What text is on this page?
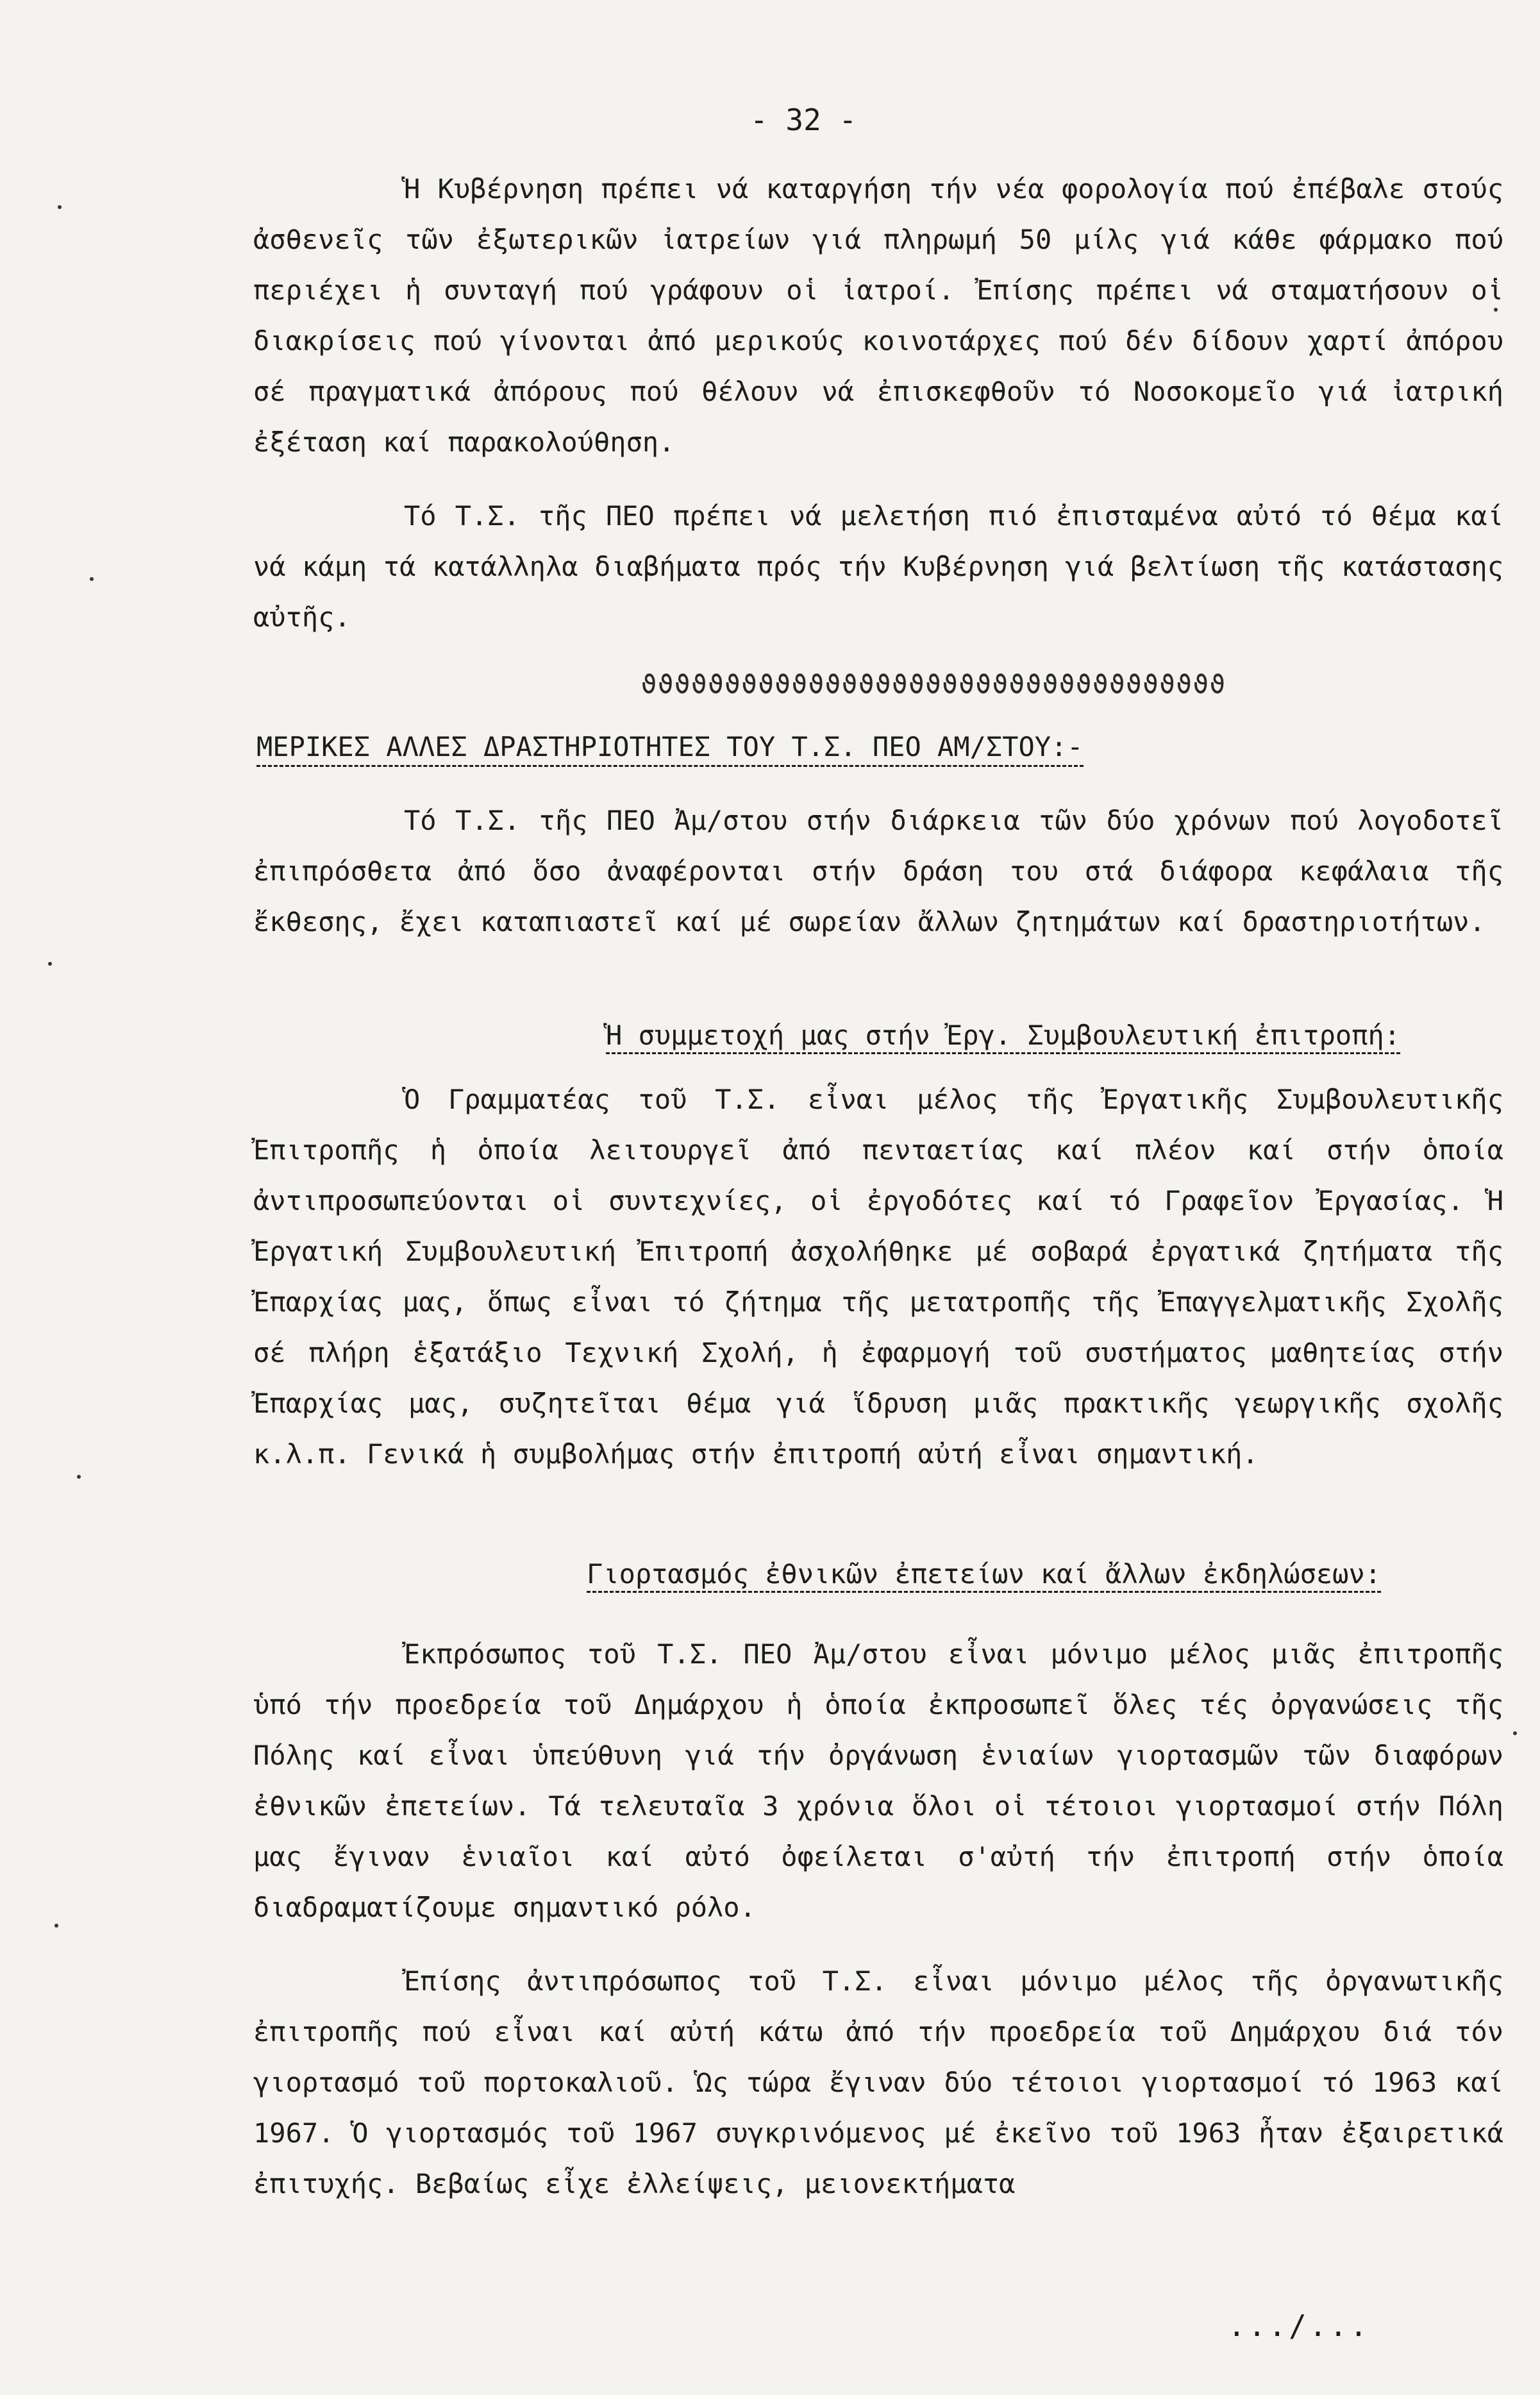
- 32 -
Ἡ Κυβέρνηση πρέπει νά καταργήση τήν νέα φορολογία πού ἐπέβαλε στούς ἀσθενεῖς τῶν ἐξωτερικῶν ἰατρείων γιά πληρωμή 50 μίλς γιά κάθε φάρμακο πού περιέχει ἡ συνταγή πού γράφουν οἱ ἰατροί. Ἐπίσης πρέπει νά σταματήσουν οἱ διακρίσεις πού γίνονται ἀπό μερικούς κοινοτάρχες πού δέν δίδουν χαρτί ἀπόρου σέ πραγματικά ἀπόρους πού θέλουν νά ἐπισκεφθοῦν τό Νοσοκομεῖο γιά ἰατρική ἐξέταση καί παρακολούθηση.
Τό Τ.Σ. τῆς ΠΕΟ πρέπει νά μελετήση πιό ἐπισταμένα αὐτό τό θέμα καί νά κάμη τά κατάλληλα διαβήματα πρός τήν Κυβέρνηση γιά βελτίωση τῆς κατάστασης αὐτῆς.
ϑϑϑϑϑϑϑϑϑϑϑϑϑϑϑϑϑϑϑϑϑϑϑϑϑϑϑϑϑϑϑϑϑϑϑ
ΜΕΡΙΚΕΣ ΑΛΛΕΣ ΔΡΑΣΤΗΡΙΟΤΗΤΕΣ ΤΟΥ Τ.Σ. ΠΕΟ ΑΜ/ΣΤΟΥ:-
Τό Τ.Σ. τῆς ΠΕΟ Ἀμ/στου στήν διάρκεια τῶν δύο χρόνων πού λογοδοτεῖ ἐπιπρόσθετα ἀπό ὅσο ἀναφέρονται στήν δράση του στά διάφορα κεφάλαια τῆς ἔκθεσης, ἔχει καταπιαστεῖ καί μέ σωρείαν ἄλλων ζητημάτων καί δραστηριοτήτων.
Ἡ συμμετοχή μας στήν Ἐργ. Συμβουλευτική ἐπιτροπή:
Ὁ Γραμματέας τοῦ Τ.Σ. εἶναι μέλος τῆς Ἐργατικῆς Συμβουλευτικῆς Ἐπιτροπῆς ἡ ὁποία λειτουργεῖ ἀπό πενταετίας καί πλέον καί στήν ὁποία ἀντιπροσωπεύονται οἱ συντεχνίες, οἱ ἐργοδότες καί τό Γραφεῖον Ἐργασίας. Ἡ Ἐργατική Συμβουλευτική Ἐπιτροπή ἀσχολήθηκε μέ σοβαρά ἐργατικά ζητήματα τῆς Ἐπαρχίας μας, ὅπως εἶναι τό ζήτημα τῆς μετατροπῆς τῆς Ἐπαγγελματικῆς Σχολῆς σέ πλήρη ἑξατάξιο Τεχνική Σχολή, ἡ ἐφαρμογή τοῦ συστήματος μαθητείας στήν Ἐπαρχίας μας, συζητεῖται θέμα γιά ἵδρυση μιᾶς πρακτικῆς γεωργικῆς σχολῆς κ.λ.π. Γενικά ἡ συμβολήμας στήν ἐπιτροπή αὐτή εἶναι σημαντική.
Γιορτασμός ἐθνικῶν ἐπετείων καί ἄλλων ἐκδηλώσεων:
Ἐκπρόσωπος τοῦ Τ.Σ. ΠΕΟ Ἀμ/στου εἶναι μόνιμο μέλος μιᾶς ἐπιτροπῆς ὑπό τήν προεδρεία τοῦ Δημάρχου ἡ ὁποία ἐκπροσωπεῖ ὅλες τές ὀργανώσεις τῆς Πόλης καί εἶναι ὑπεύθυνη γιά τήν ὀργάνωση ἑνιαίων γιορτασμῶν τῶν διαφόρων ἐθνικῶν ἐπετείων. Τά τελευταῖα 3 χρόνια ὅλοι οἱ τέτοιοι γιορτασμοί στήν Πόλη μας ἔγιναν ἑνιαῖοι καί αὐτό ὀφείλεται σ'αὐτή τήν ἐπιτροπή στήν ὁποία διαδραματίζουμε σημαντικό ρόλο.
Ἐπίσης ἀντιπρόσωπος τοῦ Τ.Σ. εἶναι μόνιμο μέλος τῆς ὀργανωτικῆς ἐπιτροπῆς πού εἶναι καί αὐτή κάτω ἀπό τήν προεδρεία τοῦ Δημάρχου διά τόν γιορτασμό τοῦ πορτοκαλιοῦ. Ὡς τώρα ἔγιναν δύο τέτοιοι γιορτασμοί τό 1963 καί 1967. Ὁ γιορτασμός τοῦ 1967 συγκρινόμενος μέ ἐκεῖνο τοῦ 1963 ἦταν ἐξαιρετικά ἐπιτυχής. Βεβαίως εἶχε ἐλλείψεις, μειονεκτήματα
.../...
